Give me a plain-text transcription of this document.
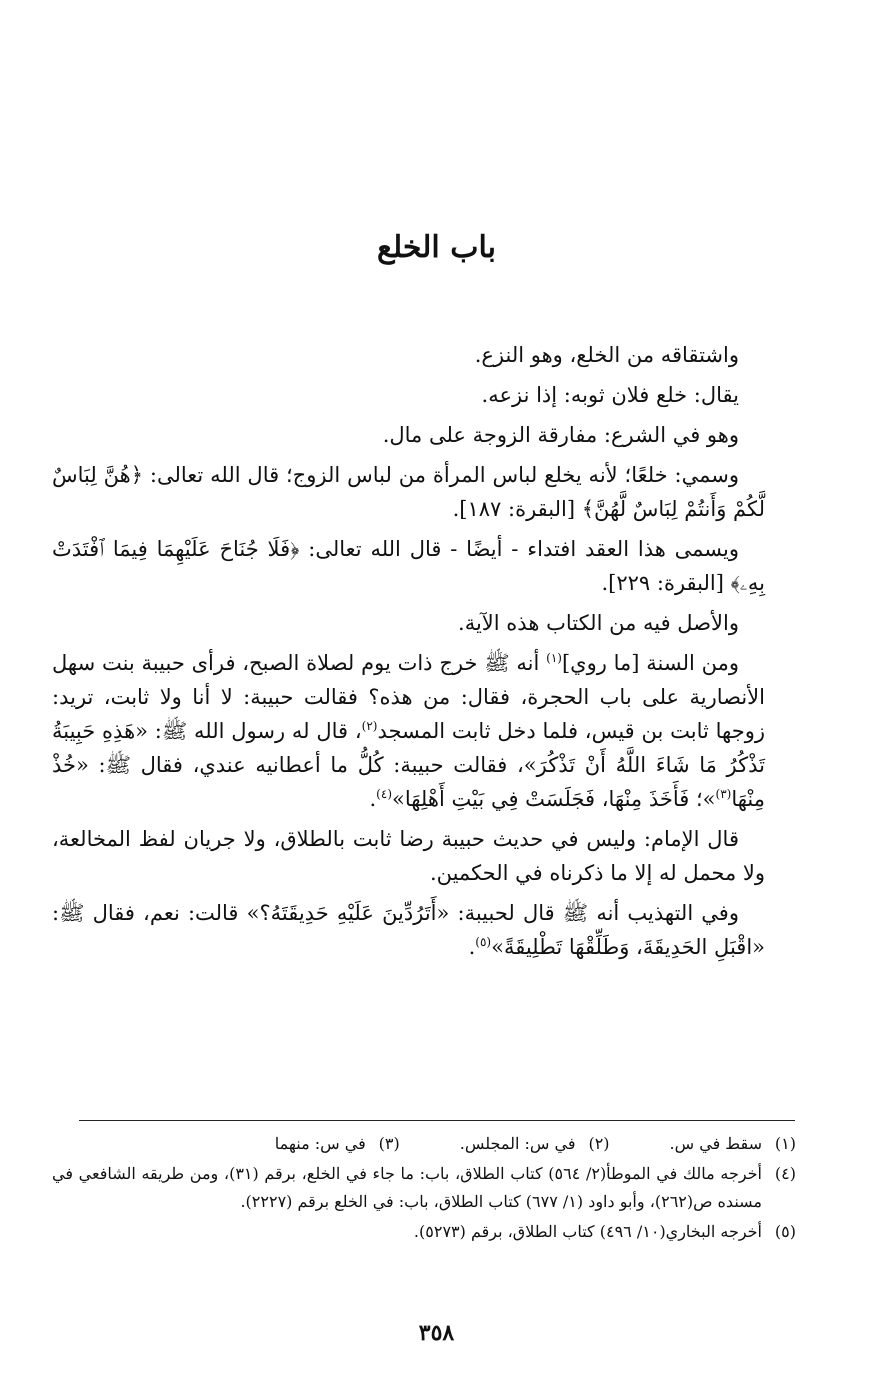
باب الخلع

واشتقاقه من الخلع، وهو النزع.

يقال: خلع فلان ثوبه: إذا نزعه.

وهو في الشرع: مفارقة الزوجة على مال.

وسمي: خلعًا؛ لأنه يخلع لباس المرأة من لباس الزوج؛ قال الله تعالى: ﴿هُنَّ لِبَاسٌ لَّكُمْ وَأَنتُمْ لِبَاسٌ لَّهُنَّ﴾ [البقرة: ١٨٧].

ويسمى هذا العقد افتداء - أيضًا - قال الله تعالى: ﴿فَلَا جُنَاحَ عَلَيْهِمَا فِيمَا ٱفْتَدَتْ بِهِۦ﴾ [البقرة: ٢٢٩].

والأصل فيه من الكتاب هذه الآية.

ومن السنة [ما روي]$^{(١)}$ أنه ﷺ خرج ذات يوم لصلاة الصبح، فرأى حبيبة بنت سهل الأنصارية على باب الحجرة، فقال: من هذه؟ فقالت حبيبة: لا أنا ولا ثابت، تريد: زوجها ثابت بن قيس، فلما دخل ثابت المسجد$^{(٢)}$، قال له رسول الله ﷺ: «هَذِهِ حَبِيبَةُ تَذْكُرُ مَا شَاءَ اللَّهُ أَنْ تَذْكُرَ»، فقالت حبيبة: كُلُّ ما أعطانيه عندي، فقال ﷺ: «خُذْ مِنْهَا$^{(٣)}$»؛ فَأَخَذَ مِنْهَا، فَجَلَسَتْ فِي بَيْتِ أَهْلِهَا»$^{(٤)}$.

قال الإمام: وليس في حديث حبيبة رضا ثابت بالطلاق، ولا جريان لفظ المخالعة، ولا محمل له إلا ما ذكرناه في الحكمين.

وفي التهذيب أنه ﷺ قال لحبيبة: «أَتَرُدِّينَ عَلَيْهِ حَدِيقَتَهُ؟» قالت: نعم، فقال ﷺ: «اقْبَلِ الحَدِيقَةَ، وَطَلِّقْهَا تَطْلِيقَةً»$^{(٥)}$.

(١)
سقط في س.
(٢)
في س: المجلس.
(٣)
في س: منهما
(٤)
أخرجه مالك في الموطأ(٢/ ٥٦٤) كتاب الطلاق، باب: ما جاء في الخلع، برقم (٣١)، ومن طريقه الشافعي في مسنده ص(٢٦٢)، وأبو داود (١/ ٦٧٧) كتاب الطلاق، باب: في الخلع برقم (٢٢٢٧).
(٥)
أخرجه البخاري(١٠/ ٤٩٦) كتاب الطلاق، برقم (٥٢٧٣).
٣٥٨
